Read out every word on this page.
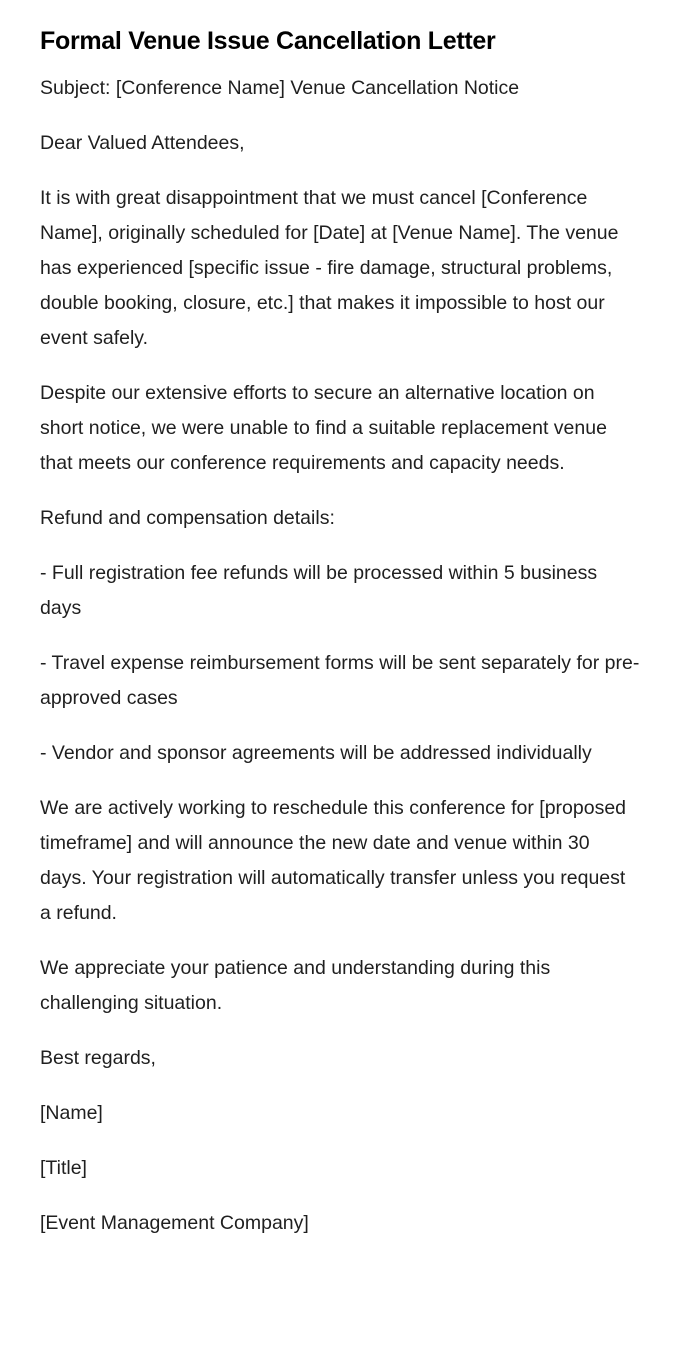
Formal Venue Issue Cancellation Letter

Subject: [Conference Name] Venue Cancellation Notice

Dear Valued Attendees,

It is with great disappointment that we must cancel [Conference Name], originally scheduled for [Date] at [Venue Name]. The venue has experienced [specific issue - fire damage, structural problems, double booking, closure, etc.] that makes it impossible to host our event safely.

Despite our extensive efforts to secure an alternative location on short notice, we were unable to find a suitable replacement venue that meets our conference requirements and capacity needs.

Refund and compensation details:

- Full registration fee refunds will be processed within 5 business days

- Travel expense reimbursement forms will be sent separately for pre-approved cases

- Vendor and sponsor agreements will be addressed individually

We are actively working to reschedule this conference for [proposed timeframe] and will announce the new date and venue within 30 days. Your registration will automatically transfer unless you request a refund.

We appreciate your patience and understanding during this challenging situation.

Best regards,

[Name]

[Title]

[Event Management Company]
